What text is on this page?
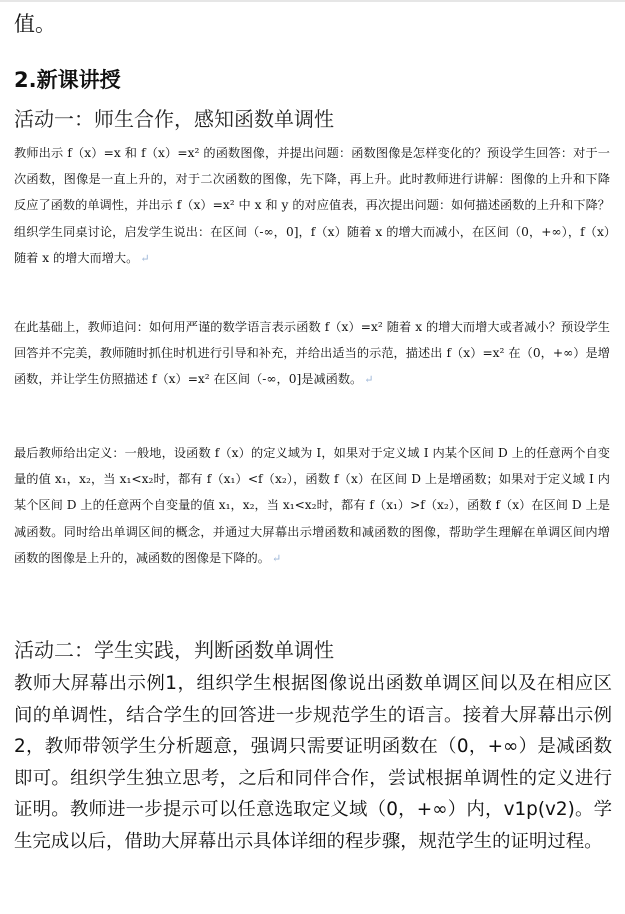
值。
2.新课讲授
活动一：师生合作，感知函数单调性
教师出示 f（x）=x 和 f（x）=x² 的函数图像，并提出问题：函数图像是怎样变化的？预设学生回答：对于一次函数，图像是一直上升的，对于二次函数的图像，先下降，再上升。此时教师进行讲解：图像的上升和下降反应了函数的单调性，并出示 f（x）=x² 中 x 和 y 的对应值表，再次提出问题：如何描述函数的上升和下降？组织学生同桌讨论，启发学生说出：在区间（-∞，0]，f（x）随着 x 的增大而减小，在区间（0，+∞），f（x）随着 x 的增大而增大。 ↵
在此基础上，教师追问：如何用严谨的数学语言表示函数 f（x）=x² 随着 x 的增大而增大或者减小？预设学生回答并不完美，教师随时抓住时机进行引导和补充，并给出适当的示范，描述出 f（x）=x² 在（0，+∞）是增函数，并让学生仿照描述 f（x）=x² 在区间（-∞，0]是减函数。 ↵
最后教师给出定义：一般地，设函数 f（x）的定义域为 I，如果对于定义域 I 内某个区间 D 上的任意两个自变量的值 x₁，x₂，当 x₁<x₂时，都有 f（x₁）<f（x₂），函数 f（x）在区间 D 上是增函数；如果对于定义域 I 内某个区间 D 上的任意两个自变量的值 x₁，x₂，当 x₁<x₂时，都有 f（x₁）>f（x₂），函数 f（x）在区间 D 上是减函数。同时给出单调区间的概念，并通过大屏幕出示增函数和减函数的图像，帮助学生理解在单调区间内增函数的图像是上升的，减函数的图像是下降的。 ↵
活动二：学生实践，判断函数单调性
教师大屏幕出示例1，组织学生根据图像说出函数单调区间以及在相应区间的单调性，结合学生的回答进一步规范学生的语言。接着大屏幕出示例2，教师带领学生分析题意，强调只需要证明函数在（0，+∞）是减函数即可。组织学生独立思考，之后和同伴合作，尝试根据单调性的定义进行证明。教师进一步提示可以任意选取定义域（0，+∞）内，v1p(v2)。学生完成以后，借助大屏幕出示具体详细的程步骤，规范学生的证明过程。
